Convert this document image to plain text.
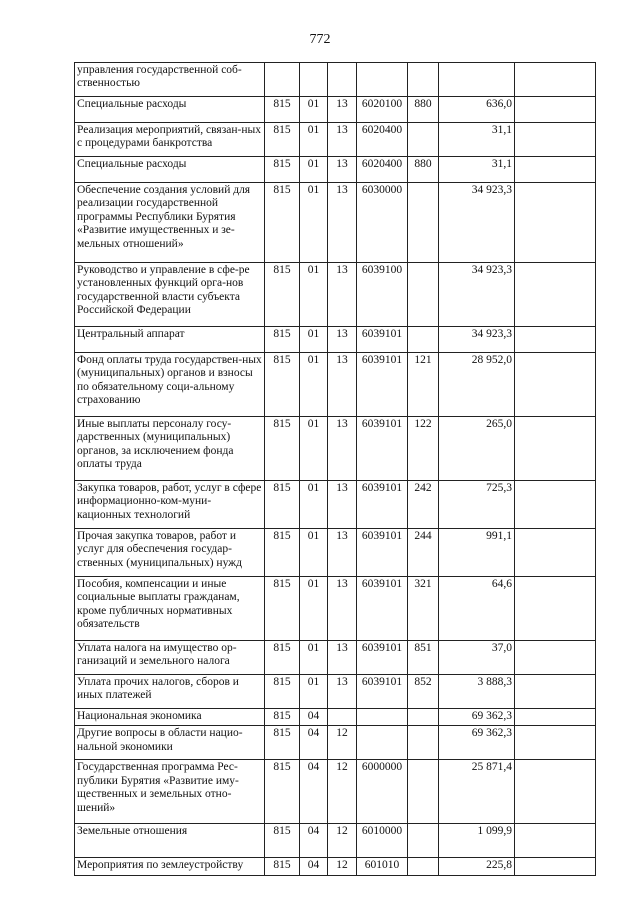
772
управления государственной соб-ственностью							
Специальные расходы	815	01	13	6020100	880	636,0	
Реализация мероприятий, связан-ных с процедурами банкротства	815	01	13	6020400		31,1	
Специальные расходы	815	01	13	6020400	880	31,1	
Обеспечение создания условий для реализации государственной программы Республики Бурятия «Развитие имущественных и зе-мельных отношений»	815	01	13	6030000		34 923,3	
Руководство и управление в сфе-ре установленных функций орга-нов государственной власти субъекта Российской Федерации	815	01	13	6039100		34 923,3	
Центральный аппарат	815	01	13	6039101		34 923,3	
Фонд оплаты труда государствен-ных (муниципальных) органов и взносы по обязательному соци-альному страхованию	815	01	13	6039101	121	28 952,0	
Иные выплаты персоналу госу-дарственных (муниципальных) органов, за исключением фонда оплаты труда	815	01	13	6039101	122	265,0	
Закупка товаров, работ, услуг в сфере информационно-ком-муни-кационных технологий	815	01	13	6039101	242	725,3	
Прочая закупка товаров, работ и услуг для обеспечения государ-ственных (муниципальных) нужд	815	01	13	6039101	244	991,1	
Пособия, компенсации и иные социальные выплаты гражданам, кроме публичных нормативных обязательств	815	01	13	6039101	321	64,6	
Уплата налога на имущество ор-ганизаций и земельного налога	815	01	13	6039101	851	37,0	
Уплата прочих налогов, сборов и иных платежей	815	01	13	6039101	852	3 888,3	
Национальная экономика	815	04				69 362,3	
Другие вопросы в области нацио-нальной экономики	815	04	12			69 362,3	
Государственная программа Рес-публики Бурятия «Развитие иму-щественных и земельных отно-шений»	815	04	12	6000000		25 871,4	
Земельные отношения	815	04	12	6010000		1 099,9	
Мероприятия по землеустройству	815	04	12	601010		225,8	
